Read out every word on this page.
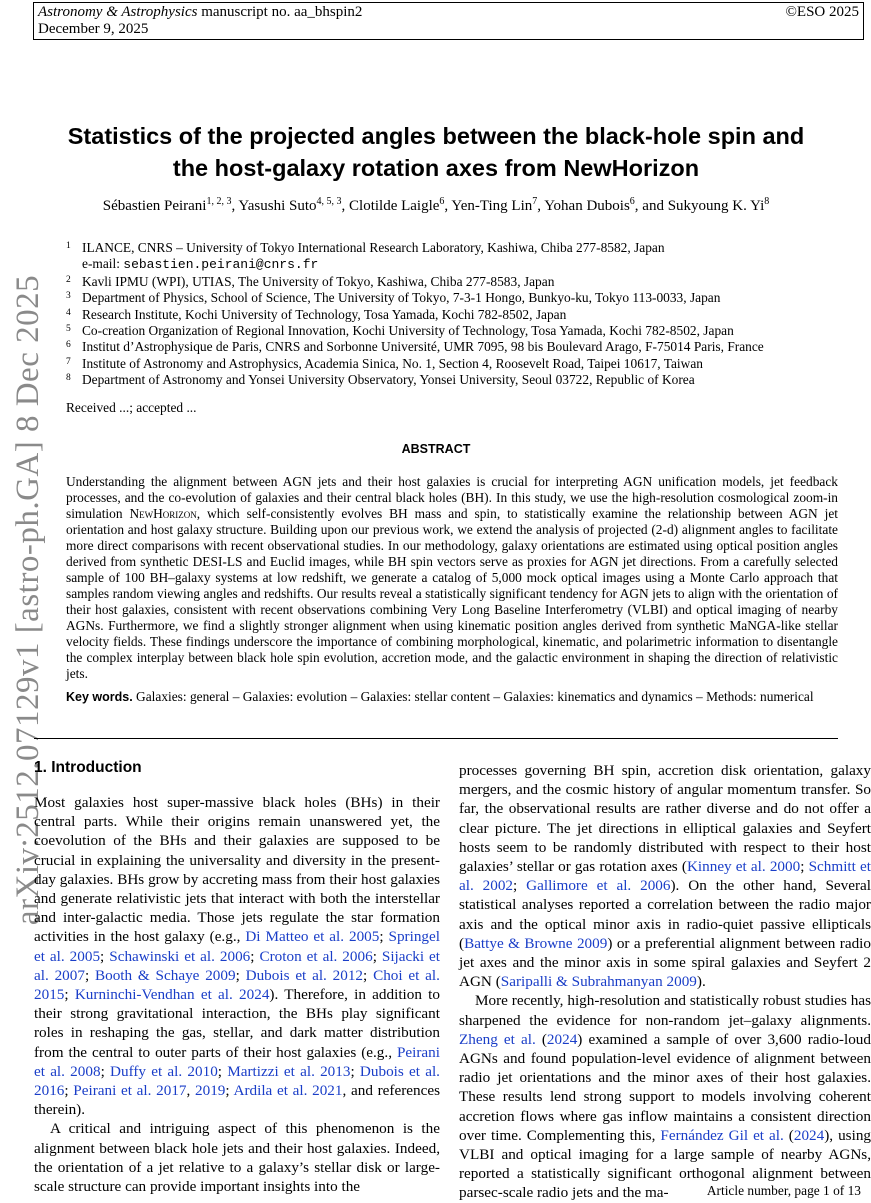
Astronomy & Astrophysics manuscript no. aa_bhspin2
December 9, 2025
©ESO 2025
arXiv:2512.07129v1 [astro-ph.GA] 8 Dec 2025
Statistics of the projected angles between the black-hole spin and
the host-galaxy rotation axes from NewHorizon
Sébastien Peirani$^{1, 2, 3}$, Yasushi Suto$^{4, 5, 3}$, Clotilde Laigle$^6$, Yen-Ting Lin$^7$, Yohan Dubois$^6$, and Sukyoung K. Yi$^8$
1 ILANCE, CNRS – University of Tokyo International Research Laboratory, Kashiwa, Chiba 277-8582, Japan
e-mail: sebastien.peirani@cnrs.fr
2 Kavli IPMU (WPI), UTIAS, The University of Tokyo, Kashiwa, Chiba 277-8583, Japan
3 Department of Physics, School of Science, The University of Tokyo, 7-3-1 Hongo, Bunkyo-ku, Tokyo 113-0033, Japan
4 Research Institute, Kochi University of Technology, Tosa Yamada, Kochi 782-8502, Japan
5 Co-creation Organization of Regional Innovation, Kochi University of Technology, Tosa Yamada, Kochi 782-8502, Japan
6 Institut d’Astrophysique de Paris, CNRS and Sorbonne Université, UMR 7095, 98 bis Boulevard Arago, F-75014 Paris, France
7 Institute of Astronomy and Astrophysics, Academia Sinica, No. 1, Section 4, Roosevelt Road, Taipei 10617, Taiwan
8 Department of Astronomy and Yonsei University Observatory, Yonsei University, Seoul 03722, Republic of Korea
Received ...; accepted ...
ABSTRACT
Understanding the alignment between AGN jets and their host galaxies is crucial for interpreting AGN unification models, jet feedback processes, and the co-evolution of galaxies and their central black holes (BH). In this study, we use the high-resolution cosmological zoom-in simulation NewHorizon, which self-consistently evolves BH mass and spin, to statistically examine the relationship between AGN jet orientation and host galaxy structure. Building upon our previous work, we extend the analysis of projected (2-d) alignment angles to facilitate more direct comparisons with recent observational studies. In our methodology, galaxy orientations are estimated using optical position angles derived from synthetic DESI-LS and Euclid images, while BH spin vectors serve as proxies for AGN jet directions. From a carefully selected sample of 100 BH–galaxy systems at low redshift, we generate a catalog of 5,000 mock optical images using a Monte Carlo approach that samples random viewing angles and redshifts. Our results reveal a statistically significant tendency for AGN jets to align with the orientation of their host galaxies, consistent with recent observations combining Very Long Baseline Interferometry (VLBI) and optical imaging of nearby AGNs. Furthermore, we find a slightly stronger alignment when using kinematic position angles derived from synthetic MaNGA-like stellar velocity fields. These findings underscore the importance of combining morphological, kinematic, and polarimetric information to disentangle the complex interplay between black hole spin evolution, accretion mode, and the galactic environment in shaping the direction of relativistic jets.
Key words. Galaxies: general – Galaxies: evolution – Galaxies: stellar content – Galaxies: kinematics and dynamics – Methods: numerical
1. Introduction

Most galaxies host super-massive black holes (BHs) in their central parts. While their origins remain unanswered yet, the coevolution of the BHs and their galaxies are supposed to be crucial in explaining the universality and diversity in the present-day galaxies. BHs grow by accreting mass from their host galaxies and generate relativistic jets that interact with both the interstellar and inter-galactic media. Those jets regulate the star formation activities in the host galaxy (e.g., Di Matteo et al. 2005; Springel et al. 2005; Schawinski et al. 2006; Croton et al. 2006; Sijacki et al. 2007; Booth & Schaye 2009; Dubois et al. 2012; Choi et al. 2015; Kurninchi-Vendhan et al. 2024). Therefore, in addition to their strong gravitational interaction, the BHs play significant roles in reshaping the gas, stellar, and dark matter distribution from the central to outer parts of their host galaxies (e.g., Peirani et al. 2008; Duffy et al. 2010; Martizzi et al. 2013; Dubois et al. 2016; Peirani et al. 2017, 2019; Ardila et al. 2021, and references therein).

A critical and intriguing aspect of this phenomenon is the alignment between black hole jets and their host galaxies. Indeed, the orientation of a jet relative to a galaxy’s stellar disk or large-scale structure can provide important insights into the

processes governing BH spin, accretion disk orientation, galaxy mergers, and the cosmic history of angular momentum transfer. So far, the observational results are rather diverse and do not offer a clear picture. The jet directions in elliptical galaxies and Seyfert hosts seem to be randomly distributed with respect to their host galaxies’ stellar or gas rotation axes (Kinney et al. 2000; Schmitt et al. 2002; Gallimore et al. 2006). On the other hand, Several statistical analyses reported a correlation between the radio major axis and the optical minor axis in radio-quiet passive ellipticals (Battye & Browne 2009) or a preferential alignment between radio jet axes and the minor axis in some spiral galaxies and Seyfert 2 AGN (Saripalli & Subrahmanyan 2009).

More recently, high-resolution and statistically robust studies has sharpened the evidence for non-random jet–galaxy alignments. Zheng et al. (2024) examined a sample of over 3,600 radio-loud AGNs and found population-level evidence of alignment between radio jet orientations and the minor axes of their host galaxies. These results lend strong support to models involving coherent accretion flows where gas inflow maintains a consistent direction over time. Complementing this, Fernández Gil et al. (2024), using VLBI and optical imaging for a large sample of nearby AGNs, reported a statistically significant orthogonal alignment between parsec-scale radio jets and the ma-	Article number, page 1 of 13
